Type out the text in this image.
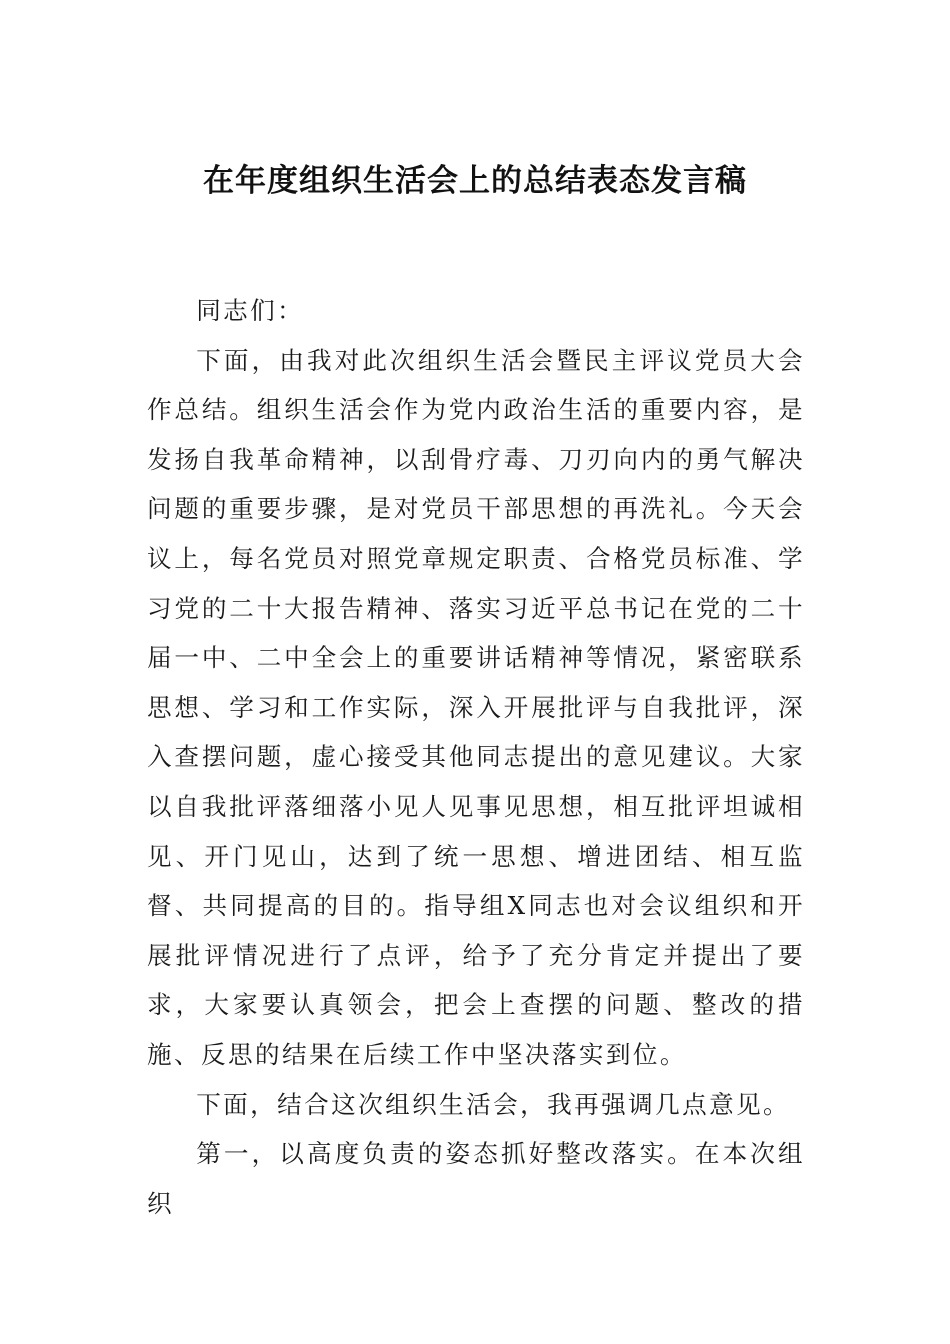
在年度组织生活会上的总结表态发言稿

同志们：

下面，由我对此次组织生活会暨民主评议党员大会作总结。组织生活会作为党内政治生活的重要内容，是发扬自我革命精神，以刮骨疗毒、刀刃向内的勇气解决问题的重要步骤，是对党员干部思想的再洗礼。今天会议上，每名党员对照党章规定职责、合格党员标准、学习党的二十大报告精神、落实习近平总书记在党的二十届一中、二中全会上的重要讲话精神等情况，紧密联系思想、学习和工作实际，深入开展批评与自我批评，深入查摆问题，虚心接受其他同志提出的意见建议。大家以自我批评落细落小见人见事见思想，相互批评坦诚相见、开门见山，达到了统一思想、增进团结、相互监督、共同提高的目的。指导组X同志也对会议组织和开展批评情况进行了点评，给予了充分肯定并提出了要求，大家要认真领会，把会上查摆的问题、整改的措施、反思的结果在后续工作中坚决落实到位。

下面，结合这次组织生活会，我再强调几点意见。

第一，以高度负责的姿态抓好整改落实。在本次组织
